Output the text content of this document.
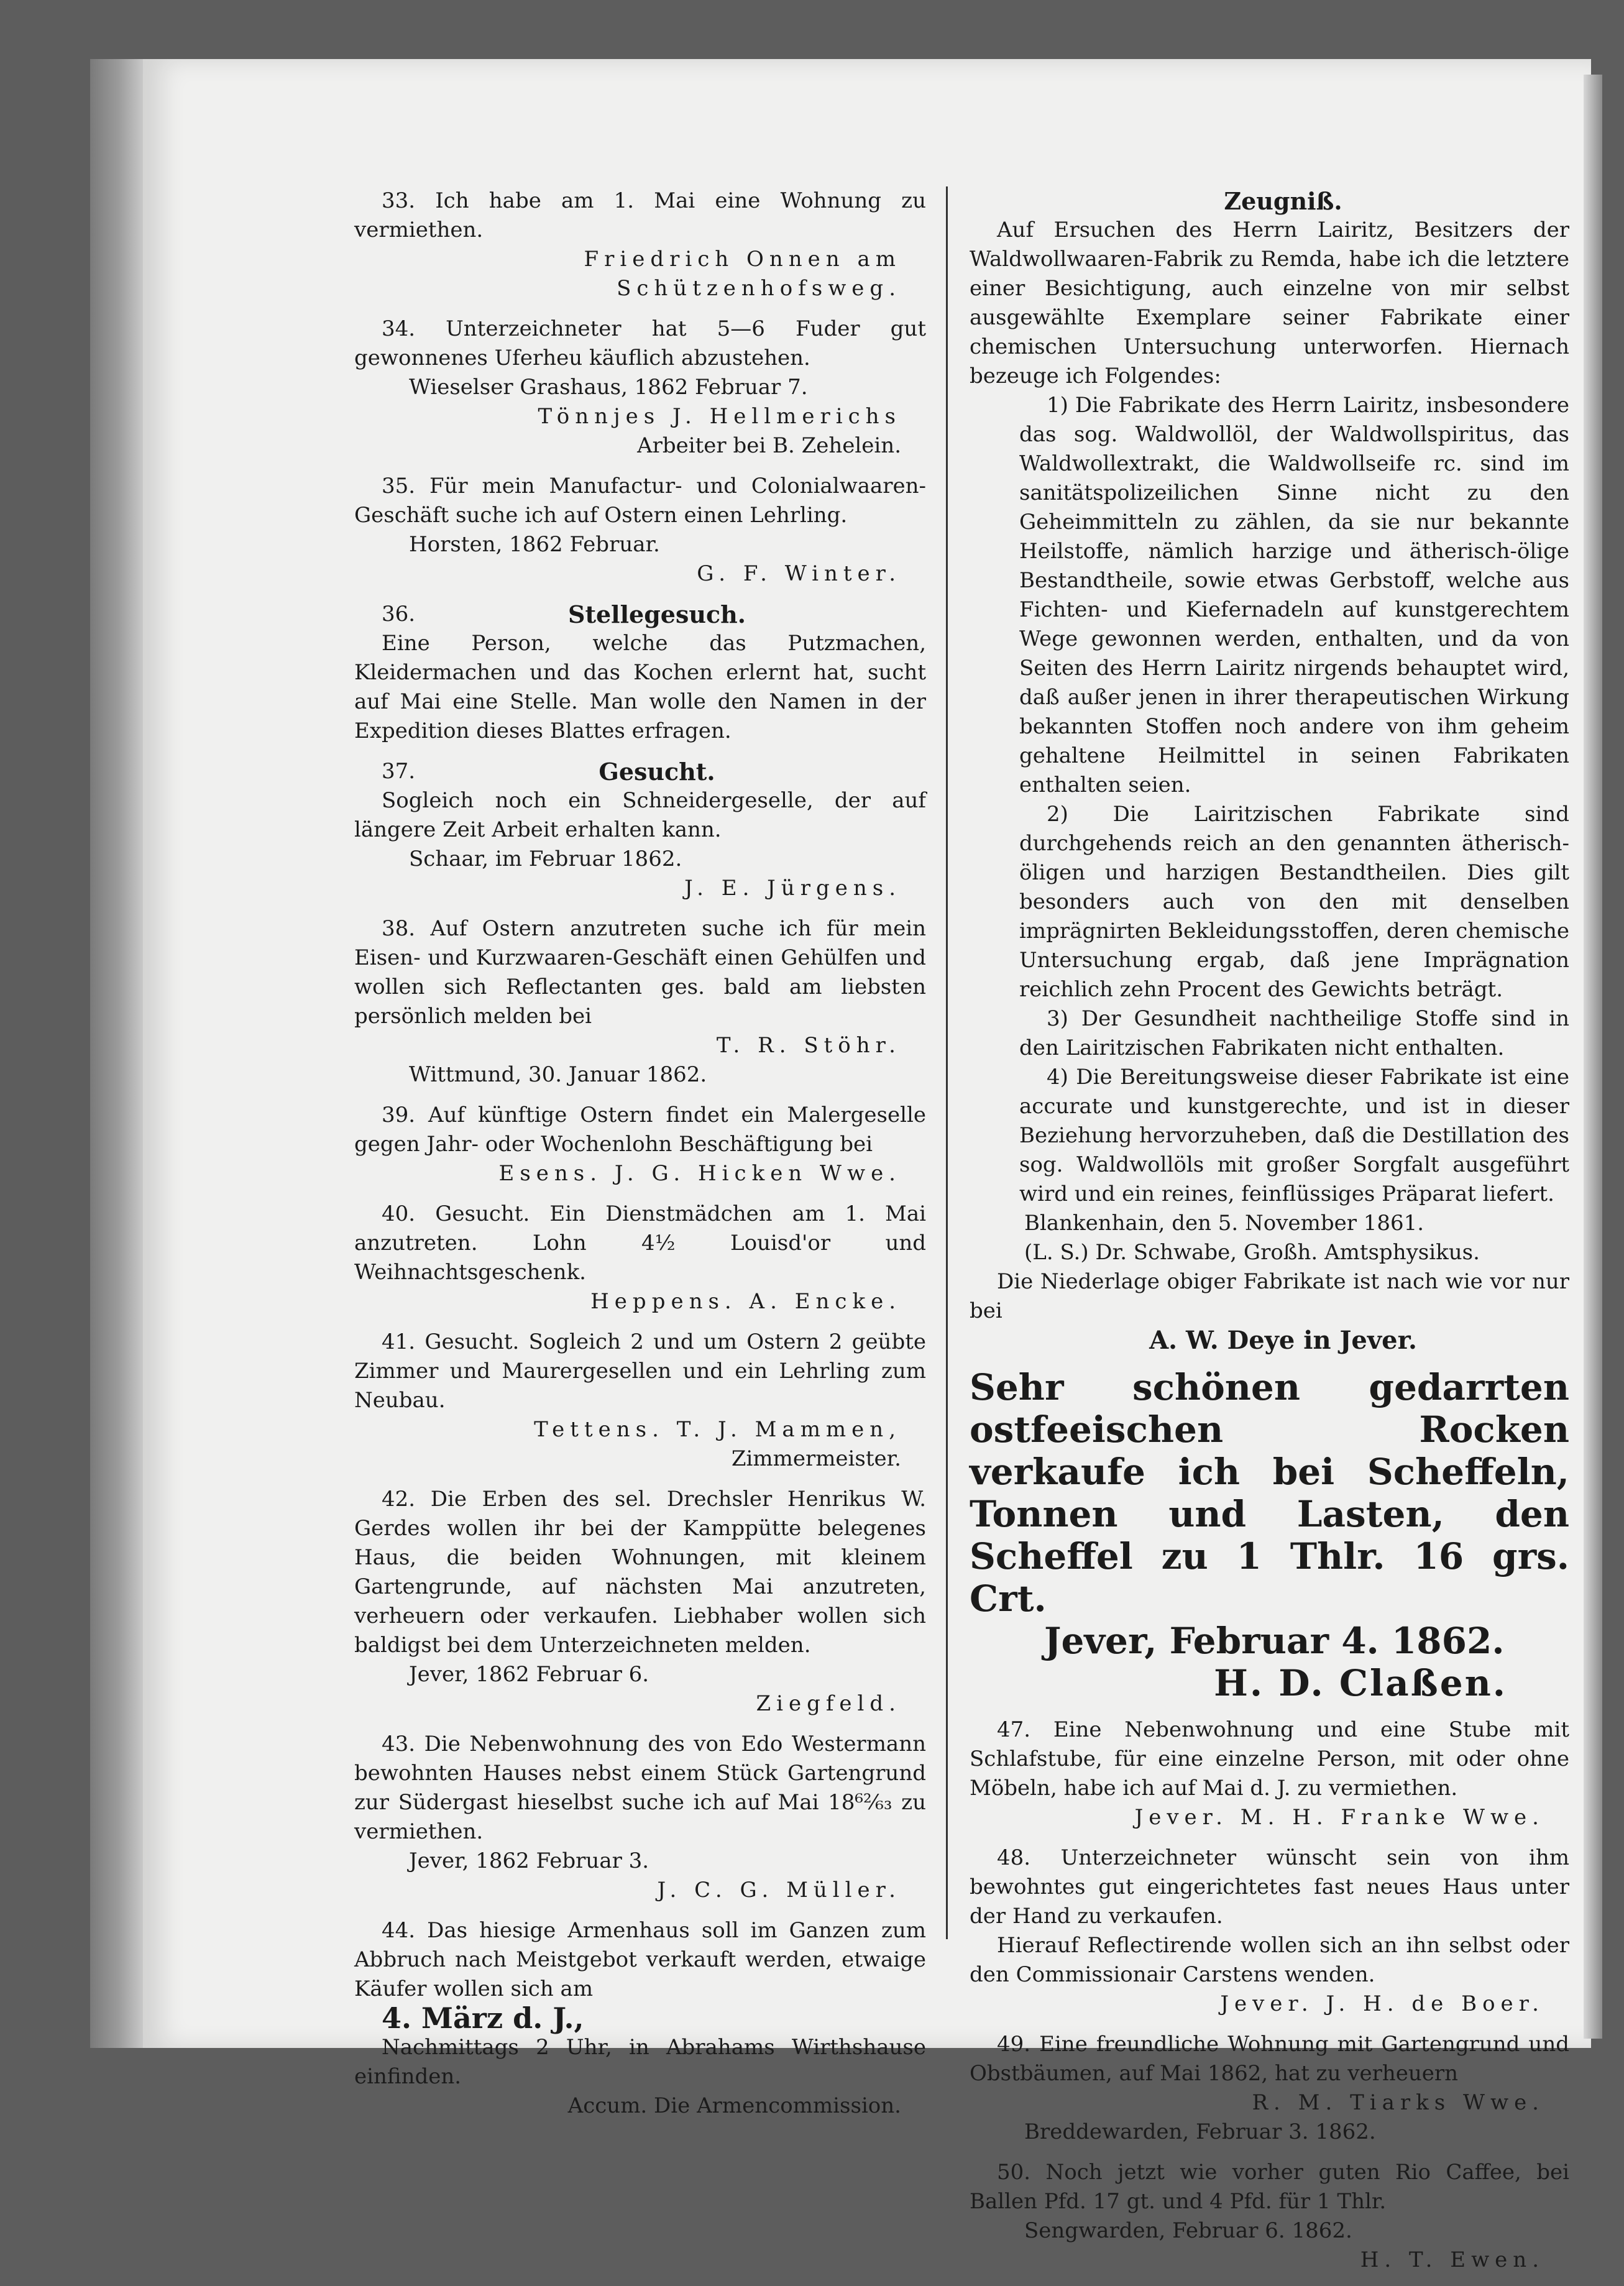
33. Ich habe am 1. Mai eine Wohnung zu vermiethen.

Friedrich Onnen am Schützenhofsweg.

34. Unterzeichneter hat 5—6 Fuder gut gewonnenes Uferheu käuflich abzustehen.

Wieselser Grashaus, 1862 Februar 7.

Tönnjes J. Hellmerichs

Arbeiter bei B. Zehelein.

35. Für mein Manufactur- und Colonialwaaren-Geschäft suche ich auf Ostern einen Lehrling.

Horsten, 1862 Februar.

G. F. Winter.

36.	Stellegesuch.

Eine Person, welche das Putzmachen, Kleidermachen und das Kochen erlernt hat, sucht auf Mai eine Stelle. Man wolle den Namen in der Expedition dieses Blattes erfragen.

37.	Gesucht.

Sogleich noch ein Schneidergeselle, der auf längere Zeit Arbeit erhalten kann.

Schaar, im Februar 1862.

J. E. Jürgens.

38. Auf Ostern anzutreten suche ich für mein Eisen- und Kurzwaaren-Geschäft einen Gehülfen und wollen sich Reflectanten ges. bald am liebsten persönlich melden bei

T. R. Stöhr.

Wittmund, 30. Januar 1862.

39. Auf künftige Ostern findet ein Malergeselle gegen Jahr- oder Wochenlohn Beschäftigung bei

Esens. J. G. Hicken Wwe.

40. Gesucht. Ein Dienstmädchen am 1. Mai anzutreten. Lohn 4½ Louisd'or und Weihnachtsgeschenk.

Heppens. A. Encke.

41. Gesucht. Sogleich 2 und um Ostern 2 geübte Zimmer und Maurergesellen und ein Lehrling zum Neubau.

Tettens. T. J. Mammen,

Zimmermeister.

42. Die Erben des sel. Drechsler Henrikus W. Gerdes wollen ihr bei der Kamppütte belegenes Haus, die beiden Wohnungen, mit kleinem Gartengrunde, auf nächsten Mai anzutreten, verheuern oder verkaufen. Liebhaber wollen sich baldigst bei dem Unterzeichneten melden.

Jever, 1862 Februar 6.

Ziegfeld.

43. Die Nebenwohnung des von Edo Westermann bewohnten Hauses nebst einem Stück Gartengrund zur Südergast hieselbst suche ich auf Mai 18⁶²⁄₆₃ zu vermiethen.

Jever, 1862 Februar 3.

J. C. G. Müller.

44. Das hiesige Armenhaus soll im Ganzen zum Abbruch nach Meistgebot verkauft werden, etwaige Käufer wollen sich am

4. März d. J.,

Nachmittags 2 Uhr, in Abrahams Wirthshause einfinden.

Accum. Die Armencommission.

Zeugniß.

Auf Ersuchen des Herrn Lairitz, Besitzers der Waldwollwaaren-Fabrik zu Remda, habe ich die letztere einer Besichtigung, auch einzelne von mir selbst ausgewählte Exemplare seiner Fabrikate einer chemischen Untersuchung unterworfen. Hiernach bezeuge ich Folgendes:

1) Die Fabrikate des Herrn Lairitz, insbesondere das sog. Waldwollöl, der Waldwollspiritus, das Waldwollextrakt, die Waldwollseife rc. sind im sanitätspolizeilichen Sinne nicht zu den Geheimmitteln zu zählen, da sie nur bekannte Heilstoffe, nämlich harzige und ätherisch-ölige Bestandtheile, sowie etwas Gerbstoff, welche aus Fichten- und Kiefernadeln auf kunstgerechtem Wege gewonnen werden, enthalten, und da von Seiten des Herrn Lairitz nirgends behauptet wird, daß außer jenen in ihrer therapeutischen Wirkung bekannten Stoffen noch andere von ihm geheim gehaltene Heilmittel in seinen Fabrikaten enthalten seien.

2) Die Lairitzischen Fabrikate sind durchgehends reich an den genannten ätherisch-öligen und harzigen Bestandtheilen. Dies gilt besonders auch von den mit denselben imprägnirten Bekleidungsstoffen, deren chemische Untersuchung ergab, daß jene Imprägnation reichlich zehn Procent des Gewichts beträgt.

3) Der Gesundheit nachtheilige Stoffe sind in den Lairitzischen Fabrikaten nicht enthalten.

4) Die Bereitungsweise dieser Fabrikate ist eine accurate und kunstgerechte, und ist in dieser Beziehung hervorzuheben, daß die Destillation des sog. Waldwollöls mit großer Sorgfalt ausgeführt wird und ein reines, feinflüssiges Präparat liefert.

Blankenhain, den 5. November 1861.

(L. S.) Dr. Schwabe, Großh. Amtsphysikus.

Die Niederlage obiger Fabrikate ist nach wie vor nur bei

A. W. Deye in Jever.

Sehr schönen gedarrten ostfeeischen Rocken verkaufe ich bei Scheffeln, Tonnen und Lasten, den Scheffel zu 1 Thlr. 16 grs. Crt.
Jever, Februar 4. 1862.
H. D. Claßen.

47. Eine Nebenwohnung und eine Stube mit Schlafstube, für eine einzelne Person, mit oder ohne Möbeln, habe ich auf Mai d. J. zu vermiethen.

Jever. M. H. Franke Wwe.

48. Unterzeichneter wünscht sein von ihm bewohntes gut eingerichtetes fast neues Haus unter der Hand zu verkaufen.

Hierauf Reflectirende wollen sich an ihn selbst oder den Commissionair Carstens wenden.

Jever. J. H. de Boer.

49. Eine freundliche Wohnung mit Gartengrund und Obstbäumen, auf Mai 1862, hat zu verheuern

R. M. Tiarks Wwe.

Breddewarden, Februar 3. 1862.

50. Noch jetzt wie vorher guten Rio Caffee, bei Ballen Pfd. 17 gt. und 4 Pfd. für 1 Thlr.

Sengwarden, Februar 6. 1862.

H. T. Ewen.
